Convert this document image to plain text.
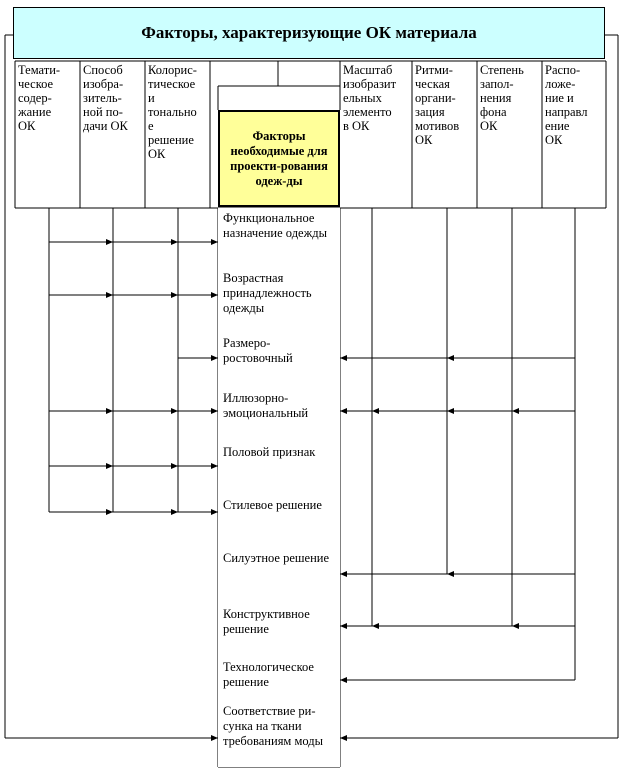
Факторы, характеризующие ОК материала
Темати-
ческое
содер-
жание
ОК
Способ
изобра-
зитель-
ной по-
дачи ОК
Колорис-
тическое
и
тонально
е
решение
ОК
Масштаб
изобразит
ельных
элементо
в ОК
Ритми-
ческая
органи-
зация
мотивов
ОК
Степень
запол-
нения
фона
ОК
Распо-
ложе-
ние и
направл
ение
ОК
Факторы необходимые для проекти-рования одеж-ды
Функциональное назначение одежды
Возрастная принадлежность одежды
Размеро-ростовочный
Иллюзорно-эмоциональный
Половой признак
Стилевое решение
Силуэтное решение
Конструктивное решение
Технологическое решение
Соответствие ри-сунка на ткани требованиям моды
